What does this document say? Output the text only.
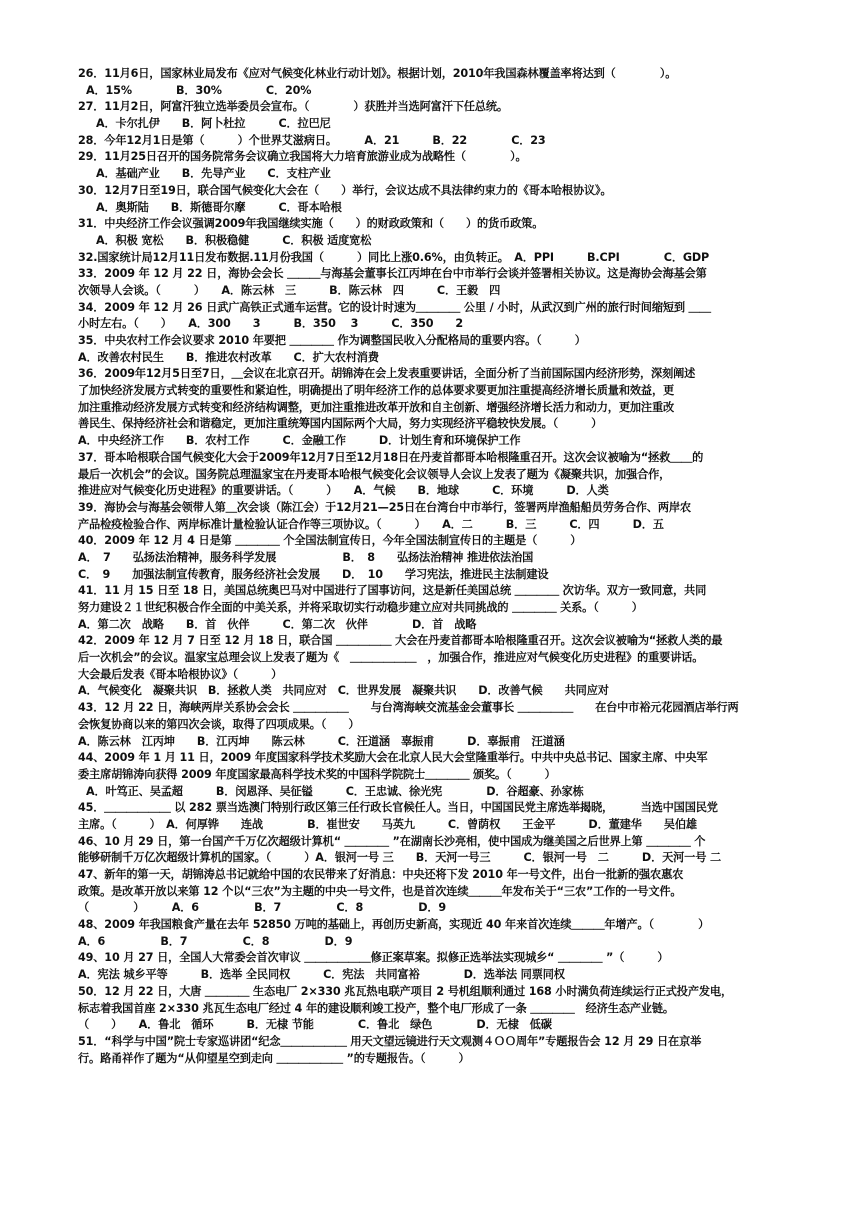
26．11月6日，国家林业局发布《应对气候变化林业行动计划》。根据计划，2010年我国森林覆盖率将达到（　　　　）。
A．15%　　　　B．30%　　　　C．20%
27．11月2日，阿富汗独立选举委员会宣布。（　　　　）获胜并当选阿富汗下任总统。
A．卡尔扎伊　　B．阿卜杜拉　　　C．拉巴尼
28．今年12月1日是第（　　　）个世界艾滋病日。　　　A．21　　　B．22　　　　C．23
29．11月25日召开的国务院常务会议确立我国将大力培育旅游业成为战略性（　　　　）。
A．基础产业　　B．先导产业　　C．支柱产业
30．12月7日至19日，联合国气候变化大会在（　　）举行，会议达成不具法律约束力的《哥本哈根协议》。
A．奥斯陆　　B．斯德哥尔摩　　　C．哥本哈根
31．中央经济工作会议强调2009年我国继续实施（　　）的财政政策和（　　）的货币政策。
A．积极 宽松　　B．积极稳健　　　C．积极 适度宽松
32.国家统计局12月11日发布数据.11月份我国（　　　）同比上涨0.6%，由负转正。　A．PPI　　　B.CPI　　　　C．GDP
33．2009 年 12 月 22 日，海协会会长 ＿＿＿与海基会董事长江丙坤在台中市举行会谈并签署相关协议。这是海协会海基会第
次领导人会谈。（　　　）　　A．陈云林　三　　　B．陈云林　四　　　C．王毅　四
34．2009 年 12 月 26 日武广高铁正式通车运营。它的设计时速为＿＿＿＿ 公里 / 小时，从武汉到广州的旅行时间缩短到 ＿＿
小时左右。（　　）　　A．300　　3　　　B．350　 3　　　C．350　　2
35．中央农村工作会议要求 2010 年要把 ＿＿＿＿ 作为调整国民收入分配格局的重要内容。（　　　）
A．改善农村民生　　B．推进农村改革　　C．扩大农村消费
36．2009年12月5日至7日，＿会议在北京召开。胡锦涛在会上发表重要讲话，全面分析了当前国际国内经济形势，深刻阐述
了加快经济发展方式转变的重要性和紧迫性，明确提出了明年经济工作的总体要求要更加注重提高经济增长质量和效益，更
加注重推动经济发展方式转变和经济结构调整，更加注重推进改革开放和自主创新、增强经济增长活力和动力，更加注重改
善民生、保持经济社会和谐稳定，更加注重统筹国内国际两个大局，努力实现经济平稳较快发展。（　　　）
A．中央经济工作　　B．农村工作　　　C．金融工作　　　D．计划生育和环境保护工作
37．哥本哈根联合国气候变化大会于2009年12月7日至12月18日在丹麦首都哥本哈根隆重召开。这次会议被喻为“拯救＿＿的
最后一次机会”的会议。国务院总理温家宝在丹麦哥本哈根气候变化会议领导人会议上发表了题为《凝聚共识，加强合作，
推进应对气候变化历史进程》的重要讲话。（　　　）　　A．气候　　B．地球　　　C．环境　　　D．人类
39．海协会与海基会领带人第＿次会谈（陈江会）于12月21—25日在台湾台中市举行，签署两岸渔船船员劳务合作、两岸农
产品检疫检验合作、两岸标准计量检验认证合作等三项协议。（　　　）　　A．二　　　B．三　　　C．四　　　D．五
40．2009 年 12 月 4 日是第 ＿＿＿＿ 个全国法制宣传日，今年全国法制宣传日的主题是（　　　）
A．　7　　弘扬法治精神，服务科学发展　　　　　　B．　8　　弘扬法治精神 推进依法治国
C．　9　　加强法制宣传教育，服务经济社会发展　　D．　10　　学习宪法，推进民主法制建设
41．11 月 15 日至 18 日，美国总统奥巴马对中国进行了国事访问，这是新任美国总统 ＿＿＿＿ 次访华。双方一致同意，共同
努力建设２１世纪积极合作全面的中美关系，并将采取切实行动稳步建立应对共同挑战的 ＿＿＿＿ 关系。（　　　）
A．第二次　战略　　B．首　伙伴　　　C．第二次　伙伴　　　　D．首　战略
42．2009 年 12 月 7 日至 12 月 18 日，联合国 ＿＿＿＿＿ 大会在丹麦首都哥本哈根隆重召开。这次会议被喻为“拯救人类的最
后一次机会”的会议。温家宝总理会议上发表了题为《　＿＿＿＿＿＿　，加强合作，推进应对气候变化历史进程》的重要讲话。
大会最后发表《哥本哈根协议》（　　　）
A．气候变化　凝聚共识　B．拯救人类　共同应对　C．世界发展　凝聚共识　　D．改善气候　　共同应对
43．12 月 22 日，海峡两岸关系协会会长 ＿＿＿＿＿　　与台湾海峡交流基金会董事长 ＿＿＿＿＿　　在台中市裕元花园酒店举行两
会恢复协商以来的第四次会谈，取得了四项成果。（　　）
A．陈云林　江丙坤　　B．江丙坤　　陈云林　　　C．汪道涵　辜振甫　　　D．辜振甫　汪道涵
44、2009 年 1 月 11 日，2009 年度国家科学技术奖励大会在北京人民大会堂隆重举行。中共中央总书记、国家主席、中央军
委主席胡锦涛向获得 2009 年度国家最高科学技术奖的中国科学院院士＿＿＿＿ 颁奖。（　　　）
A．叶笃正、吴孟超　　　B．闵恩泽、吴征镒　　　C．王忠诚、徐光宪　　　　D．谷超豪、孙家栋
45．＿＿＿＿＿＿ 以 282 票当选澳门特别行政区第三任行政长官候任人。当日，中国国民党主席选举揭晓，　　　当选中国国民党
主席。（　　　）　A．何厚铧　　连战　　　　B．崔世安　　马英九　　　C．曾荫权　　王金平　　　D．董建华　　吴伯雄
46、10 月 29 日，第一台国产千万亿次超级计算机“ ＿＿＿＿ ”在湖南长沙亮相，使中国成为继美国之后世界上第 ＿＿＿＿ 个
能够研制千万亿次超级计算机的国家。（　　　）A．银河一号 三　　B．天河一号三　　　C．银河一号　二　　　D．天河一号 二
47、新年的第一天，胡锦涛总书记就给中国的农民带来了好消息：中央还将下发 2010 年一号文件，出台一批新的强农惠农
政策。是改革开放以来第 12 个以“三农”为主题的中央一号文件，也是首次连续＿＿＿年发布关于“三农”工作的一号文件。
（　　　　）　　　A．6　　　　　B．7　　　　　C．8　　　　　D．9
48、2009 年我国粮食产量在去年 52850 万吨的基础上，再创历史新高，实现近 40 年来首次连续＿＿＿年增产。（　　　　）
A．6　　　　　B．7　　　　　C．8　　　　　D．9
49、10 月 27 日，全国人大常委会首次审议 ＿＿＿＿＿＿修正案草案。拟修正选举法实现城乡“ ＿＿＿＿ ”（　　　）
A．宪法 城乡平等　　　B．选举 全民同权　　　C．宪法　共同富裕　　　　D．选举法 同票同权
50．12 月 22 日，大唐 ＿＿＿＿ 生态电厂 2×330 兆瓦热电联产项目 2 号机组顺利通过 168 小时满负荷连续运行正式投产发电，
标志着我国首座 2×330 兆瓦生态电厂经过 4 年的建设顺利竣工投产，整个电厂形成了一条 ＿＿＿＿　经济生态产业链。
（　　）　　A．鲁北　循环　　　B．无棣 节能　　　　C．鲁北　绿色　　　　D．无棣　低碳
51．“科学与中国”院士专家巡讲团“纪念＿＿＿＿＿＿ 用天文望远镜进行天文观测４ＯＯ周年”专题报告会 12 月 29 日在京举
行。路甬祥作了题为“从仰望星空到走向 ＿＿＿＿＿＿ ”的专题报告。（　　　）
